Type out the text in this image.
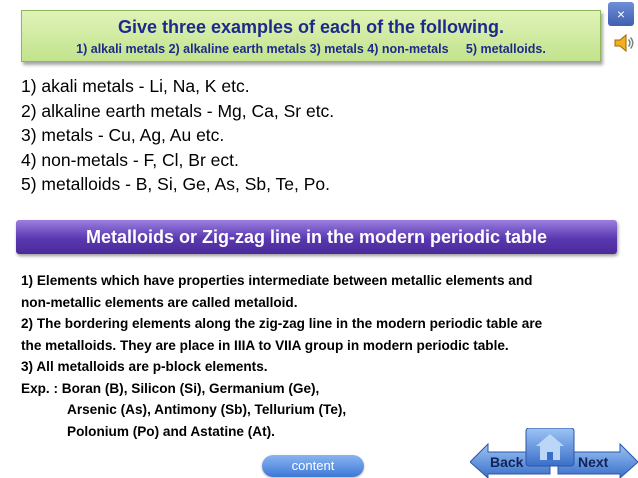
Give three examples of each of the following.
1) alkali metals 2) alkaline earth metals 3) metals 4) non-metals     5) metalloids.
×
1) akali metals - Li, Na, K etc.
2) alkaline earth metals - Mg, Ca, Sr etc.
3) metals - Cu, Ag, Au etc.
4) non-metals - F, Cl, Br ect.
5) metalloids - B, Si, Ge, As, Sb, Te, Po.
Metalloids or Zig-zag line in the modern periodic table
1) Elements which have properties intermediate between metallic elements and
non-metallic elements are called metalloid.
2) The bordering elements along the zig-zag line in the modern periodic table are
the metalloids. They are place in IIIA to VIIA group in modern periodic table.
3) All metalloids are p-block elements.
Exp. : Boran (B), Silicon (Si), Germanium (Ge),
Arsenic (As), Antimony (Sb), Tellurium (Te),
Polonium (Po) and Astatine (At).
content	Back	Next
